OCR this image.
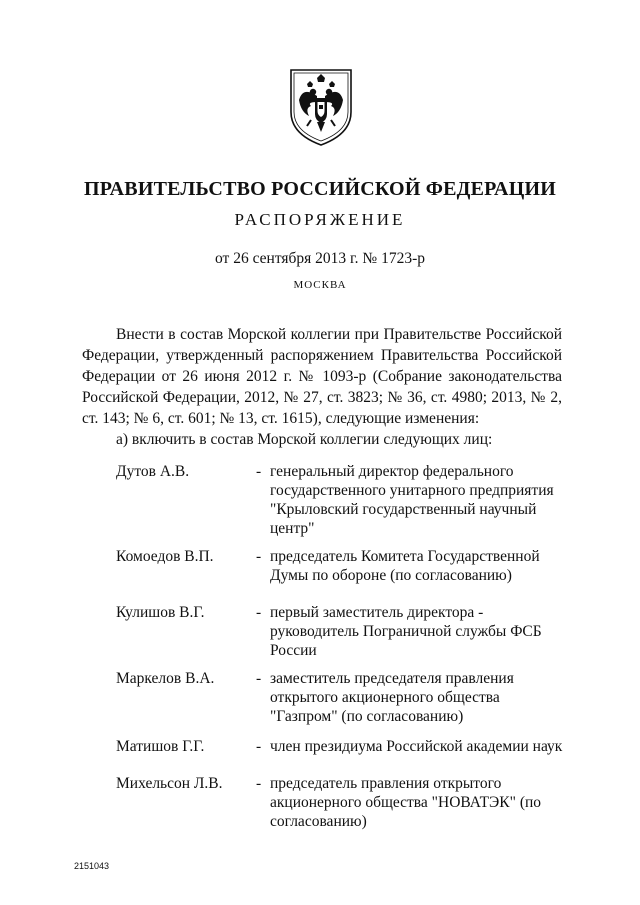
ПРАВИТЕЛЬСТВО РОССИЙСКОЙ ФЕДЕРАЦИИ
РАСПОРЯЖЕНИЕ
от 26 сентября 2013 г. № 1723-р
МОСКВА

Внести в состав Морской коллегии при Правительстве Российской Федерации, утвержденный распоряжением Правительства Российской Федерации от 26 июня 2012 г. № 1093-р (Собрание законодательства Российской Федерации, 2012, № 27, ст. 3823; № 36, ст. 4980; 2013, № 2, ст. 143; № 6, ст. 601; № 13, ст. 1615), следующие изменения:

а) включить в состав Морской коллегии следующих лиц:

Дутов А.В.	- генеральный директор федерального государственного унитарного предприятия "Крыловский государственный научный центр"
Комоедов В.П.	- председатель Комитета Государственной Думы по обороне (по согласованию)
Кулишов В.Г.	- первый заместитель директора - руководитель Пограничной службы ФСБ России
Маркелов В.А.	- заместитель председателя правления открытого акционерного общества "Газпром" (по согласованию)
Матишов Г.Г.	- член президиума Российской академии наук
Михельсон Л.В.	- председатель правления открытого акционерного общества "НОВАТЭК" (по согласованию)
2151043
